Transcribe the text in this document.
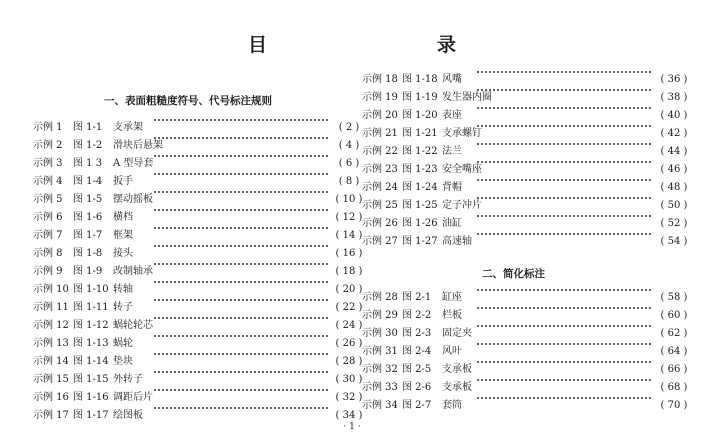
目　　录
一、表面粗糙度符号、代号标注规则
二、简化标注
示例 1 图 1-1 支承架	( 2 )
示例 2 图 1-2 滑块后悬架	( 4 )
示例 3 图 1 3 A 型导套	( 6 )
示例 4 图 1-4 扳手	( 8 )
示例 5 图 1-5 摆动摇板	( 10 )
示例 6 图 1-6 横档	( 12 )
示例 7 图 1-7 框架	( 14 )
示例 8 图 1-8 接头	( 16 )
示例 9 图 1-9 改制轴承	( 18 )
示例 10 图 1-10 转轴	( 20 )
示例 11 图 1-11 转子	( 22 )
示例 12 图 1-12 蜗轮轮芯	( 24 )
示例 13 图 1-13 蜗轮	( 26 )
示例 14 图 1-14 垫块	( 28 )
示例 15 图 1-15 外转子	( 30 )
示例 16 图 1-16 调距后片	( 32 )
示例 17 图 1-17 绘图板	( 34 )
示例 18 图 1-18 风嘴	( 36 )
示例 19 图 1-19 发生器内圈	( 38 )
示例 20 图 1-20 表座	( 40 )
示例 21 图 1-21 支承螺钉	( 42 )
示例 22 图 1-22 法兰	( 44 )
示例 23 图 1-23 安全嘴座	( 46 )
示例 24 图 1-24 背帽	( 48 )
示例 25 图 1-25 定子冲片	( 50 )
示例 26 图 1-26 油缸	( 52 )
示例 27 图 1-27 高速轴	( 54 )
示例 28 图 2-1 缸座	( 58 )
示例 29 图 2-2 栏板	( 60 )
示例 30 图 2-3 固定夹	( 62 )
示例 31 图 2-4 风叶	( 64 )
示例 32 图 2-5 支承板	( 66 )
示例 33 图 2-6 支承板	( 68 )
示例 34 图 2-7 套筒	( 70 )
· 1 ·
